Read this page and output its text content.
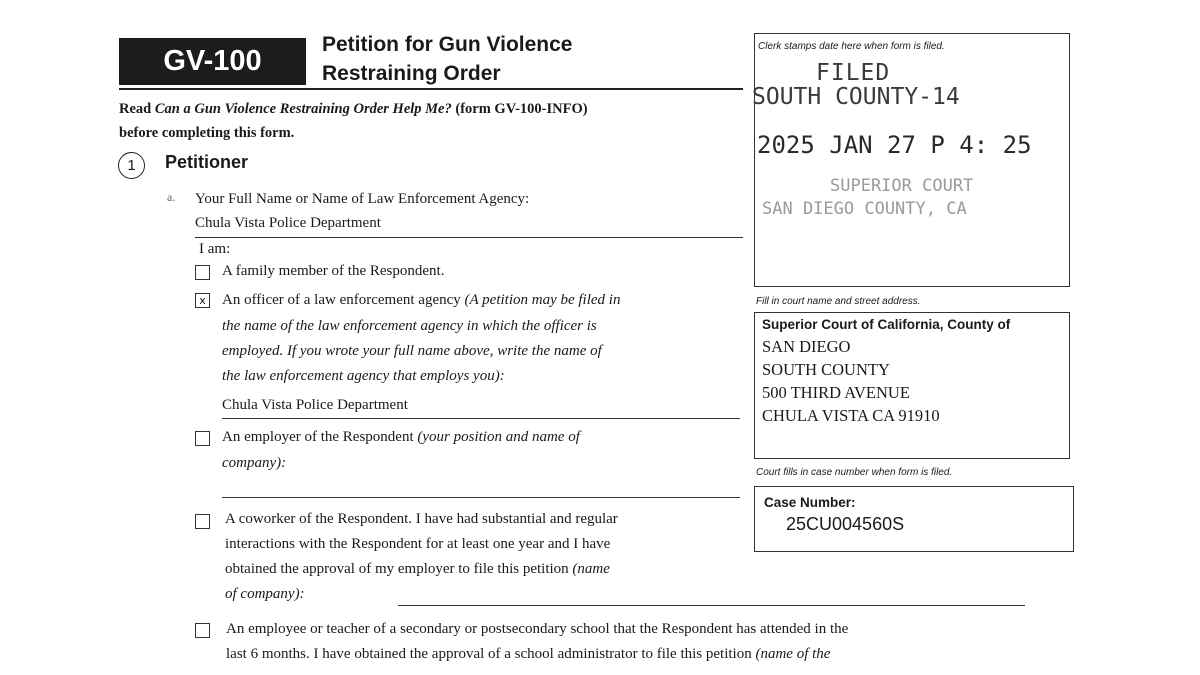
GV-100
Petition for Gun Violence
Restraining Order
Read Can a Gun Violence Restraining Order Help Me? (form GV-100-INFO)
before completing this form.
1	Petitioner
a. Your Full Name or Name of Law Enforcement Agency:
Chula Vista Police Department
I am:
A family member of the Respondent.
x An officer of a law enforcement agency (A petition may be filed in
the name of the law enforcement agency in which the officer is
employed. If you wrote your full name above, write the name of
the law enforcement agency that employs you):
Chula Vista Police Department
An employer of the Respondent (your position and name of
company):
A coworker of the Respondent. I have had substantial and regular
interactions with the Respondent for at least one year and I have
obtained the approval of my employer to file this petition (name
of company):
An employee or teacher of a secondary or postsecondary school that the Respondent has attended in the
last 6 months. I have obtained the approval of a school administrator to file this petition (name of the
Clerk stamps date here when form is filed.
FILED
SOUTH COUNTY-14
2025 JAN 27 P 4: 25
SUPERIOR COURT
SAN DIEGO COUNTY, CA
Fill in court name and street address.
Superior Court of California, County of
SAN DIEGO
SOUTH COUNTY
500 THIRD AVENUE
CHULA VISTA CA 91910
Court fills in case number when form is filed.
Case Number:
25CU004560S
